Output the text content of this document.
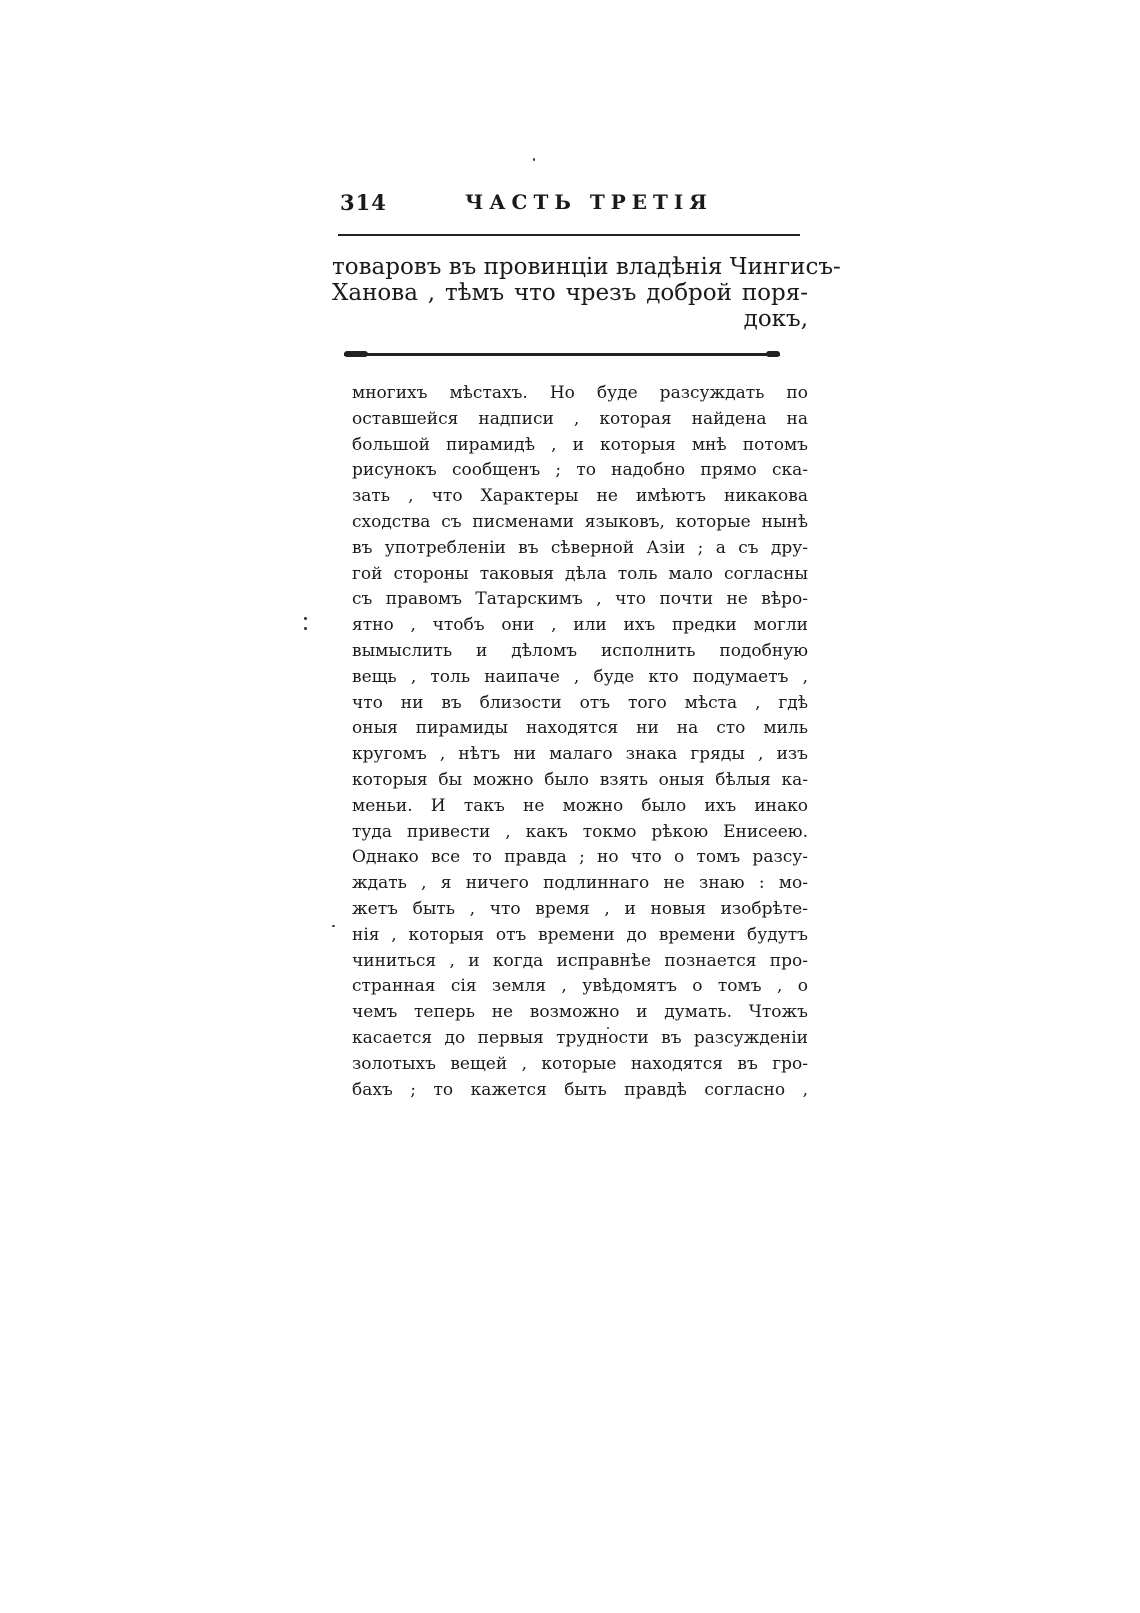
314	ЧАСТЬ ТРЕТIЯ
товаровъ въ провинцiи владѣнiя Чингисъ-
Ханова , тѣмъ что чрезъ доброй поря-
докъ,
многихъ мѣстахъ. Но буде разсуждать по
оставшейся надписи , которая найдена на
большой пирамидѣ , и которыя мнѣ потомъ
рисунокъ сообщенъ ; то надобно прямо ска-
зать , что Характеры не имѣютъ никакова
сходства съ писменами языковъ, которые нынѣ
въ употребленiи въ сѣверной Азiи ; а съ дру-
гой стороны таковыя дѣла толь мало согласны
съ правомъ Татарскимъ , что почти не вѣро-
ятно , чтобъ они , или ихъ предки могли
вымыслить и дѣломъ исполнить подобную
вещь , толь наипаче , буде кто подумаетъ ,
что ни въ близости отъ того мѣста , гдѣ
оныя пирамиды находятся ни на сто миль
кругомъ , нѣтъ ни малаго знака гряды , изъ
которыя бы можно было взять оныя бѣлыя ка-
меньи. И такъ не можно было ихъ инако
туда привести , какъ токмо рѣкою Енисеею.
Однако все то правда ; но что о томъ разсу-
ждать , я ничего подлиннаго не знаю : мо-
жетъ быть , что время , и новыя изобрѣте-
нiя , которыя отъ времени до времени будутъ
чиниться , и когда исправнѣе познается про-
странная сiя земля , увѣдомятъ о томъ , о
чемъ теперь не возможно и думать. Чтожъ
касается до первыя трудности въ разсужденiи
золотыхъ вещей , которые находятся въ гро-
бахъ ; то кажется быть правдѣ согласно ,
